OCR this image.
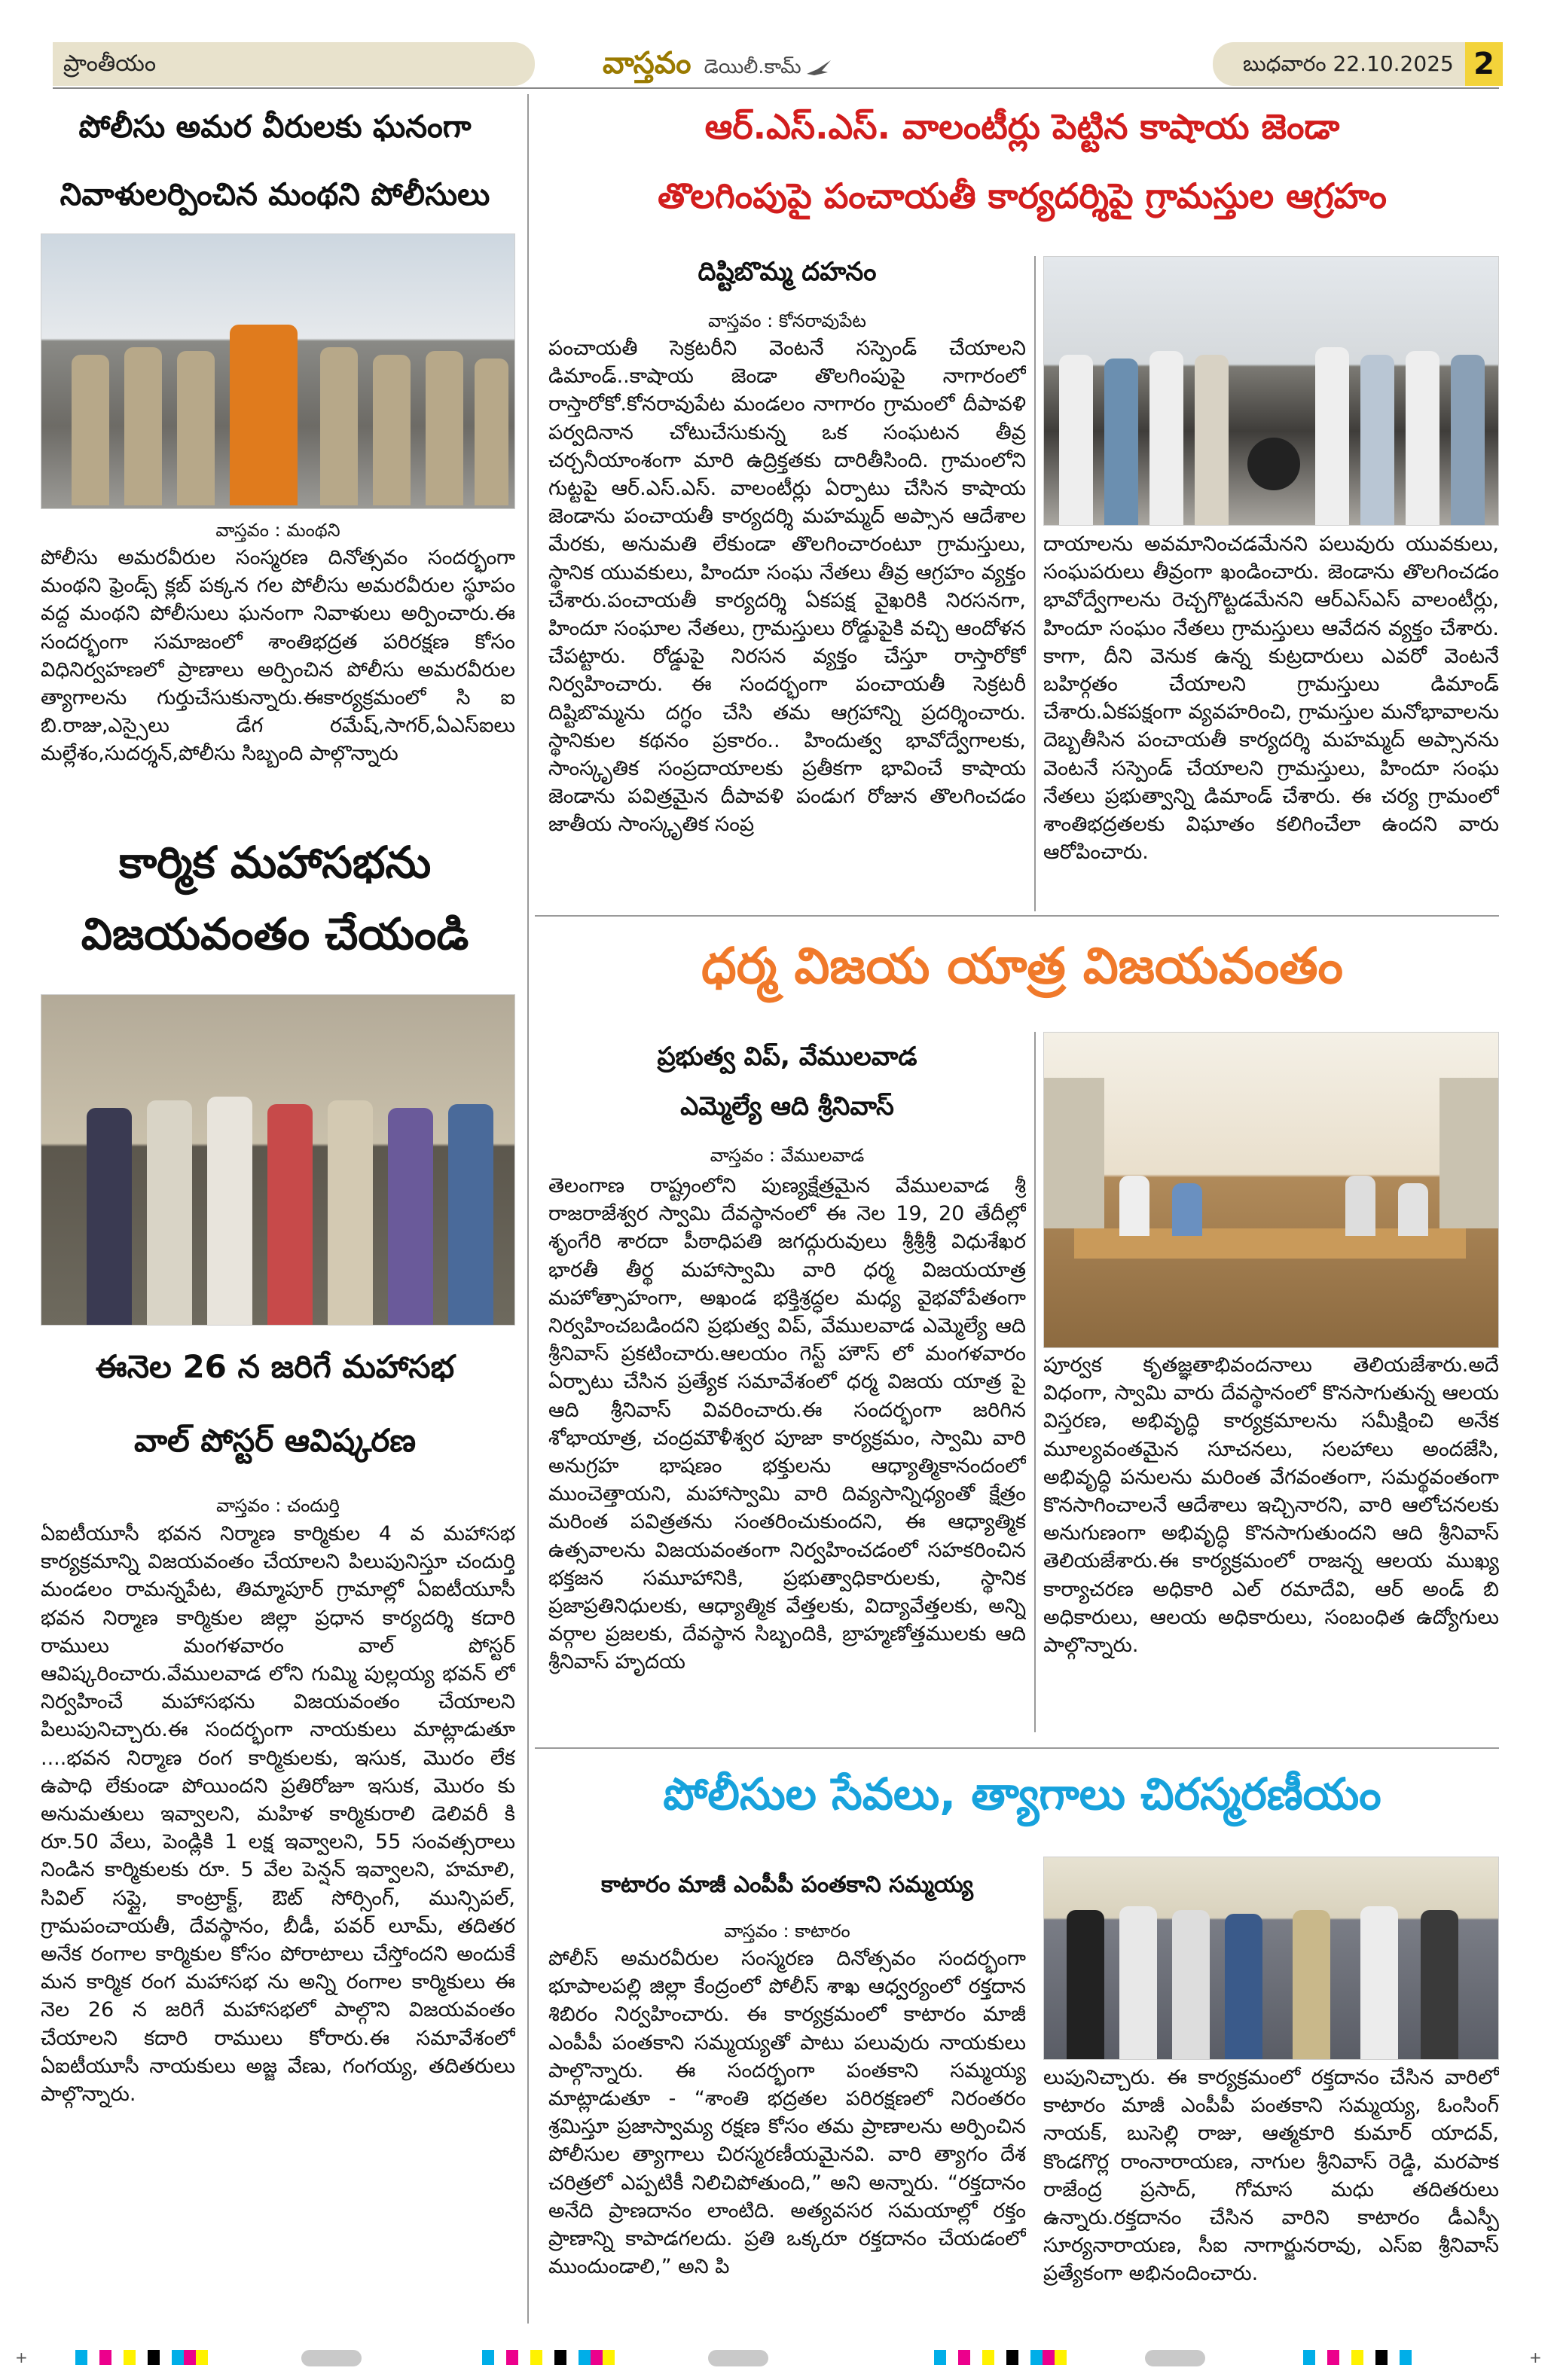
ప్రాంతీయం	వాస్తవం డెయిలీ.కామ్	బుధవారం 22.10.2025 2
పోలీసు అమర వీరులకు ఘనంగా
నివాళులర్పించిన మంథని పోలీసులు
వాస్తవం : మంథని
పోలీసు అమరవీరుల సంస్మరణ దినోత్సవం సందర్భంగా మంథని ఫ్రెండ్స్ క్లబ్ పక్కన గల పోలీసు అమరవీరుల స్థూపం వద్ద మంథని పోలీసులు ఘనంగా నివాళులు అర్పించారు.ఈ సందర్భంగా సమాజంలో శాంతిభద్రత పరిరక్షణ కోసం విధినిర్వహణలో ప్రాణాలు అర్పించిన పోలీసు అమరవీరుల త్యాగాలను గుర్తుచేసుకున్నారు.ఈకార్యక్రమంలో సి ఐ బి.రాజు,ఎస్సైలు డేగ రమేష్,సాగర్,ఏఎస్ఐలు మల్లేశం,సుదర్శన్,పోలీసు సిబ్బంది పాల్గొన్నారు
కార్మిక మహాసభను
విజయవంతం చేయండి
ఈనెల 26 న జరిగే మహాసభ
వాల్ పోస్టర్ ఆవిష్కరణ
వాస్తవం : చందుర్తి
ఏఐటీయూసీ భవన నిర్మాణ కార్మికుల 4 వ మహాసభ కార్యక్రమాన్ని విజయవంతం చేయాలని పిలుపునిస్తూ చందుర్తి మండలం రామన్నపేట, తిమ్మాపూర్ గ్రామాల్లో ఏఐటీయూసీ భవన నిర్మాణ కార్మికుల జిల్లా ప్రధాన కార్యదర్శి కదారి రాములు మంగళవారం వాల్ పోస్టర్ ఆవిష్కరించారు.వేములవాడ లోని గుమ్మి పుల్లయ్య భవన్ లో నిర్వహించే మహాసభను విజయవంతం చేయాలని పిలుపునిచ్చారు.ఈ సందర్భంగా నాయకులు మాట్లాడుతూ ....భవన నిర్మాణ రంగ కార్మికులకు, ఇసుక, మొరం లేక ఉపాధి లేకుండా పోయిందని ప్రతిరోజూ ఇసుక, మొరం కు అనుమతులు ఇవ్వాలని, మహిళ కార్మికురాలి డెలివరీ కి రూ.50 వేలు, పెండ్లికి 1 లక్ష ఇవ్వాలని, 55 సంవత్సరాలు నిండిన కార్మికులకు రూ. 5 వేల పెన్షన్ ఇవ్వాలని, హమాలి, సివిల్ సప్లై, కాంట్రాక్ట్, ఔట్ సోర్సింగ్, మున్సిపల్, గ్రామపంచాయతీ, దేవస్థానం, బీడీ, పవర్ లూమ్, తదితర అనేక రంగాల కార్మికుల కోసం పోరాటాలు చేస్తోందని అందుకే మన కార్మిక రంగ మహాసభ ను అన్ని రంగాల కార్మికులు ఈ నెల 26 న జరిగే మహాసభలో పాల్గొని విజయవంతం చేయాలని కదారి రాములు కోరారు.ఈ సమావేశంలో ఏఐటీయూసీ నాయకులు అజ్జ వేణు, గంగయ్య, తదితరులు పాల్గొన్నారు.
ఆర్.ఎస్.ఎస్. వాలంటీర్లు పెట్టిన కాషాయ జెండా
తొలగింపుపై పంచాయతీ కార్యదర్శిపై గ్రామస్తుల ఆగ్రహం
దిష్టిబొమ్మ దహనం
వాస్తవం : కోనరావుపేట
పంచాయతీ సెక్రటరీని వెంటనే సస్పెండ్ చేయాలని డిమాండ్..కాషాయ జెండా తొలగింపుపై నాగారంలో రాస్తారోకో.కోనరావుపేట మండలం నాగారం గ్రామంలో దీపావళి పర్వదినాన చోటుచేసుకున్న ఒక సంఘటన తీవ్ర చర్చనీయాంశంగా మారి ఉద్రిక్తతకు దారితీసింది. గ్రామంలోని గుట్టపై ఆర్.ఎస్.ఎస్. వాలంటీర్లు ఏర్పాటు చేసిన కాషాయ జెండాను పంచాయతీ కార్యదర్శి మహమ్మద్ అప్సాన ఆదేశాల మేరకు, అనుమతి లేకుండా తొలగించారంటూ గ్రామస్తులు, స్థానిక యువకులు, హిందూ సంఘ నేతలు తీవ్ర ఆగ్రహం వ్యక్తం చేశారు.పంచాయతీ కార్యదర్శి ఏకపక్ష వైఖరికి నిరసనగా, హిందూ సంఘాల నేతలు, గ్రామస్తులు రోడ్డుపైకి వచ్చి ఆందోళన చేపట్టారు. రోడ్డుపై నిరసన వ్యక్తం చేస్తూ రాస్తారోకో నిర్వహించారు. ఈ సందర్భంగా పంచాయతీ సెక్రటరీ దిష్టిబొమ్మను దగ్ధం చేసి తమ ఆగ్రహాన్ని ప్రదర్శించారు. స్థానికుల కథనం ప్రకారం.. హిందుత్వ భావోద్వేగాలకు, సాంస్కృతిక సంప్రదాయాలకు ప్రతీకగా భావించే కాషాయ జెండాను పవిత్రమైన దీపావళి పండుగ రోజున తొలగించడం జాతీయ సాంస్కృతిక సంప్ర
దాయాలను అవమానించడమేనని పలువురు యువకులు, సంఘపరులు తీవ్రంగా ఖండించారు. జెండాను తొలగించడం భావోద్వేగాలను రెచ్చగొట్టడమేనని ఆర్ఎస్ఎస్ వాలంటీర్లు, హిందూ సంఘం నేతలు గ్రామస్తులు ఆవేదన వ్యక్తం చేశారు. కాగా, దీని వెనుక ఉన్న కుట్రదారులు ఎవరో వెంటనే బహిర్గతం చేయాలని గ్రామస్తులు డిమాండ్ చేశారు.ఏకపక్షంగా వ్యవహరించి, గ్రామస్తుల మనోభావాలను దెబ్బతీసిన పంచాయతీ కార్యదర్శి మహమ్మద్ అప్సానను వెంటనే సస్పెండ్ చేయాలని గ్రామస్తులు, హిందూ సంఘ నేతలు ప్రభుత్వాన్ని డిమాండ్ చేశారు. ఈ చర్య గ్రామంలో శాంతిభద్రతలకు విఘాతం కలిగించేలా ఉందని వారు ఆరోపించారు.
ధర్మ విజయ యాత్ర విజయవంతం
ప్రభుత్వ విప్, వేములవాడ
ఎమ్మెల్యే ఆది శ్రీనివాస్
వాస్తవం : వేములవాడ
తెలంగాణ రాష్ట్రంలోని పుణ్యక్షేత్రమైన వేములవాడ శ్రీ రాజరాజేశ్వర స్వామి దేవస్థానంలో ఈ నెల 19, 20 తేదీల్లో శృంగేరి శారదా పీఠాధిపతి జగద్గురువులు శ్రీశ్రీశ్రీ విధుశేఖర భారతీ తీర్థ మహాస్వామి వారి ధర్మ విజయయాత్ర మహోత్సాహంగా, అఖండ భక్తిశ్రద్ధల మధ్య వైభవోపేతంగా నిర్వహించబడిందని ప్రభుత్వ విప్, వేములవాడ ఎమ్మెల్యే ఆది శ్రీనివాస్ ప్రకటించారు.ఆలయం గెస్ట్ హౌస్ లో మంగళవారం ఏర్పాటు చేసిన ప్రత్యేక సమావేశంలో ధర్మ విజయ యాత్ర పై ఆది శ్రీనివాస్ వివరించారు.ఈ సందర్భంగా జరిగిన శోభాయాత్ర, చంద్రమౌళీశ్వర పూజా కార్యక్రమం, స్వామి వారి అనుగ్రహ భాషణం భక్తులను ఆధ్యాత్మికానందంలో ముంచెత్తాయని, మహాస్వామి వారి దివ్యసాన్నిధ్యంతో క్షేత్రం మరింత పవిత్రతను సంతరించుకుందని, ఈ ఆధ్యాత్మిక ఉత్సవాలను విజయవంతంగా నిర్వహించడంలో సహకరించిన భక్తజన సమూహానికి, ప్రభుత్వాధికారులకు, స్థానిక ప్రజాప్రతినిధులకు, ఆధ్యాత్మిక వేత్తలకు, విద్యావేత్తలకు, అన్ని వర్గాల ప్రజలకు, దేవస్థాన సిబ్బందికి, బ్రాహ్మణోత్తములకు ఆది శ్రీనివాస్ హృదయ
పూర్వక కృతజ్ఞతాభివందనాలు తెలియజేశారు.అదే విధంగా, స్వామి వారు దేవస్థానంలో కొనసాగుతున్న ఆలయ విస్తరణ, అభివృద్ధి కార్యక్రమాలను సమీక్షించి అనేక మూల్యవంతమైన సూచనలు, సలహాలు అందజేసి, అభివృద్ధి పనులను మరింత వేగవంతంగా, సమర్థవంతంగా కొనసాగించాలనే ఆదేశాలు ఇచ్చినారని, వారి ఆలోచనలకు అనుగుణంగా అభివృద్ధి కొనసాగుతుందని ఆది శ్రీనివాస్ తెలియజేశారు.ఈ కార్యక్రమంలో రాజన్న ఆలయ ముఖ్య కార్యాచరణ అధికారి ఎల్ రమాదేవి, ఆర్ అండ్ బి అధికారులు, ఆలయ అధికారులు, సంబంధిత ఉద్యోగులు పాల్గొన్నారు.
పోలీసుల సేవలు, త్యాగాలు చిరస్మరణీయం
కాటారం మాజీ ఎంపీపీ పంతకాని సమ్మయ్య
వాస్తవం : కాటారం
పోలీస్ అమరవీరుల సంస్మరణ దినోత్సవం సందర్భంగా భూపాలపల్లి జిల్లా కేంద్రంలో పోలీస్ శాఖ ఆధ్వర్యంలో రక్తదాన శిబిరం నిర్వహించారు. ఈ కార్యక్రమంలో కాటారం మాజీ ఎంపీపీ పంతకాని సమ్మయ్యతో పాటు పలువురు నాయకులు పాల్గొన్నారు. ఈ సందర్భంగా పంతకాని సమ్మయ్య మాట్లాడుతూ - “శాంతి భద్రతల పరిరక్షణలో నిరంతరం శ్రమిస్తూ ప్రజాస్వామ్య రక్షణ కోసం తమ ప్రాణాలను అర్పించిన పోలీసుల త్యాగాలు చిరస్మరణీయమైనవి. వారి త్యాగం దేశ చరిత్రలో ఎప్పటికీ నిలిచిపోతుంది,” అని అన్నారు. “రక్తదానం అనేది ప్రాణదానం లాంటిది. అత్యవసర సమయాల్లో రక్తం ప్రాణాన్ని కాపాడగలదు. ప్రతి ఒక్కరూ రక్తదానం చేయడంలో ముందుండాలి,” అని పి
లుపునిచ్చారు. ఈ కార్యక్రమంలో రక్తదానం చేసిన వారిలో కాటారం మాజీ ఎంపీపీ పంతకాని సమ్మయ్య, ఓంసింగ్ నాయక్, బుసెల్లి రాజు, ఆత్మకూరి కుమార్ యాదవ్, కొండగొర్ల రాంనారాయణ, నాగుల శ్రీనివాస్ రెడ్డి, మరపాక రాజేంద్ర ప్రసాద్, గోమాస మధు తదితరులు ఉన్నారు.రక్తదానం చేసిన వారిని కాటారం డీఎస్పీ సూర్యనారాయణ, సీఐ నాగార్జునరావు, ఎస్ఐ శ్రీనివాస్ ప్రత్యేకంగా అభినందించారు.
+	+
